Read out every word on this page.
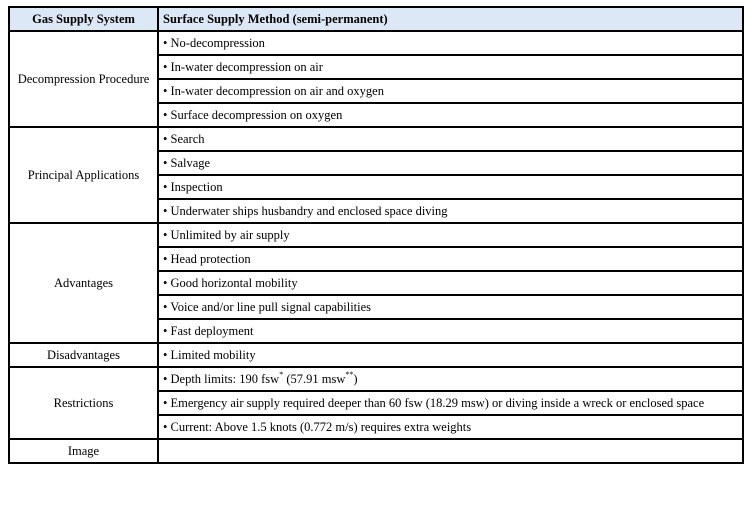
Gas Supply System	Surface Supply Method (semi-permanent)
Decompression Procedure	• No-decompression
	• In-water decompression on air
	• In-water decompression on air and oxygen
	• Surface decompression on oxygen
Principal Applications	• Search
	• Salvage
	• Inspection
	• Underwater ships husbandry and enclosed space diving
Advantages	• Unlimited by air supply
	• Head protection
	• Good horizontal mobility
	• Voice and/or line pull signal capabilities
	• Fast deployment
Disadvantages	• Limited mobility
Restrictions	• Depth limits: 190 fsw* (57.91 msw**)
	• Emergency air supply required deeper than 60 fsw (18.29 msw) or diving inside a wreck or enclosed space
	• Current: Above 1.5 knots (0.772 m/s) requires extra weights
Image	
